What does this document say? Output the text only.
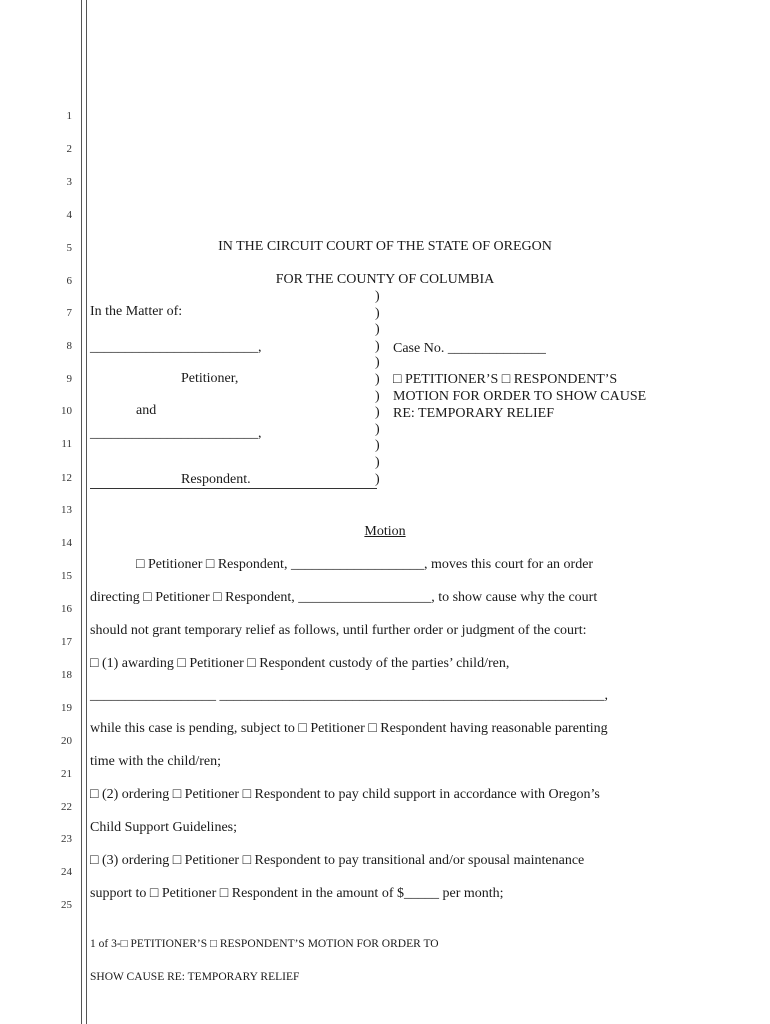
1
2
3
4
5
6
7
8
9
10
11
12
13
14
15
16
17
18
19
20
21
22
23
24
25
IN THE CIRCUIT COURT OF THE STATE OF OREGON
FOR THE COUNTY OF COLUMBIA
In the Matter of:
________________________,
Petitioner,
and
________________________,
Respondent.
)
)
)
)
)
)
)
)
)
)
)
)
Case No. ______________
□ PETITIONER’S □ RESPONDENT’S
MOTION FOR ORDER TO SHOW CAUSE
RE: TEMPORARY RELIEF
Motion
□ Petitioner □ Respondent, ___________________, moves this court for an order
directing □ Petitioner □ Respondent, ___________________, to show cause why the court
should not grant temporary relief as follows, until further order or judgment of the court:
□ (1) awarding □ Petitioner □ Respondent custody of the parties’ child/ren,
__________________ _______________________________________________________,
while this case is pending, subject to □ Petitioner □ Respondent having reasonable parenting
time with the child/ren;
□ (2) ordering □ Petitioner □ Respondent to pay child support in accordance with Oregon’s
Child Support Guidelines;
□ (3) ordering □ Petitioner □ Respondent to pay transitional and/or spousal maintenance
support to □ Petitioner □ Respondent in the amount of $_____ per month;
1 of 3-□ PETITIONER’S □ RESPONDENT’S MOTION FOR ORDER TO
SHOW CAUSE RE: TEMPORARY RELIEF
